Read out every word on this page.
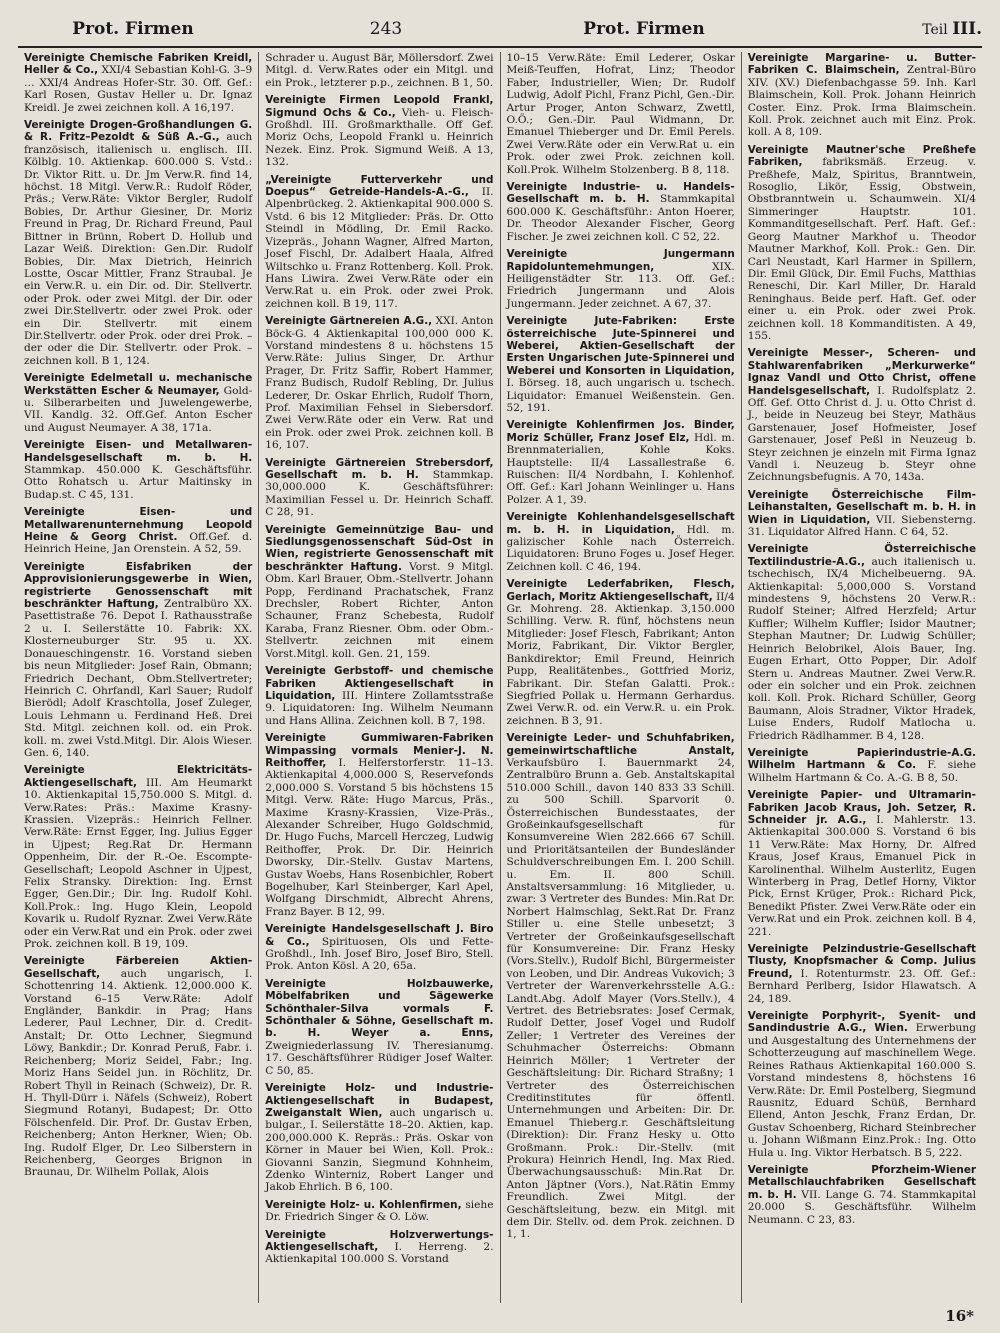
Prot. Firmen	243	Prot. Firmen	Teil III.

Vereinigte Chemische Fabriken Kreidl, Heller & Co., XXI/4 Sebastian Kohl-G. 3–9 … XXI/4 Andreas Hofer-Str. 30. Off. Gef.: Karl Rosen, Gustav Heller u. Dr. Ignaz Kreidl. Je zwei zeichnen koll. A 16,197.

Vereinigte Drogen-Großhandlungen G. & R. Fritz–Pezoldt & Süß A.-G., auch französisch, italienisch u. englisch. III. Kölblg. 10. Aktienkap. 600.000 S. Vstd.: Dr. Viktor Ritt. u. Dr. Jm Verw.R. find 14, höchst. 18 Mitgl. Verw.R.: Rudolf Röder, Präs.; Verw.Räte: Viktor Bergler, Rudolf Bobies, Dr. Arthur Giesiner, Dr. Moriz Freund in Prag, Dr. Richard Freund, Paul Bittner in Brünn, Robert D. Hollub und Lazar Weiß. Direktion: Gen.Dir. Rudolf Bobies, Dir. Max Dietrich, Heinrich Lostte, Oscar Mittler, Franz Straubal. Je ein Verw.R. u. ein Dir. od. Dir. Stellvertr. oder Prok. oder zwei Mitgl. der Dir. oder zwei Dir.Stellvertr. oder zwei Prok. oder ein Dir. Stellvertr. mit einem Dir.Stellvertr. oder Prok. oder drei Prok. – der oder die Dir. Stellvertr. oder Prok. – zeichnen koll. B 1, 124.

Vereinigte Edelmetall u. mechanische Werkstätten Escher & Neumayer, Gold- u. Silberarbeiten und Juwelengewerbe, VII. Kandlg. 32. Off.Gef. Anton Escher und August Neumayer. A 38, 171a.

Vereinigte Eisen- und Metallwaren-Handelsgesellschaft m. b. H. Stammkap. 450.000 K. Geschäftsführ. Otto Rohatsch u. Artur Maitinsky in Budap.st. C 45, 131.

Vereinigte Eisen- und Metallwarenunternehmung Leopold Heine & Georg Christ. Off.Gef. d. Heinrich Heine, Jan Orenstein. A 52, 59.

Vereinigte Eisfabriken der Approvisionierungsgewerbe in Wien, registrierte Genossenschaft mit beschränkter Haftung, Zentralbüro XX. Pasettistraße 76. Depot I. Rathausstraße 2 u. I. Seilerstätte 10. Fabrik: XX. Klosterneuburger Str. 95 u. XX. Donaueschingenstr. 16. Vorstand sieben bis neun Mitglieder: Josef Rain, Obmann; Friedrich Dechant, Obm.Stellvertreter; Heinrich C. Ohrfandl, Karl Sauer; Rudolf Bierödl; Adolf Kraschtolla, Josef Zuleger, Louis Lehmann u. Ferdinand Heß. Drei Std. Mitgl. zeichnen koll. od. ein Prok. koll. m. zwei Vstd.Mitgl. Dir. Alois Wieser. Gen. 6, 140.

Vereinigte Elektricitäts-Aktiengesellschaft, III. Am Heumarkt 10. Aktienkapital 15,750.000 S. Mitgl. d. Verw.Rates: Präs.: Maxime Krasny-Krassien. Vizepräs.: Heinrich Fellner. Verw.Räte: Ernst Egger, Ing. Julius Egger in Ujpest; Reg.Rat Dr. Hermann Oppenheim, Dir. der R.-Oe. Escompte-Gesellschaft; Leopold Aschner in Ujpest, Felix Stransky. Direktion: Ing. Ernst Egger, Gen.Dir.; Dir. Ing. Rudolf Kohl. Koll.Prok.: Ing. Hugo Klein, Leopold Kovarik u. Rudolf Ryznar. Zwei Verw.Räte oder ein Verw.Rat und ein Prok. oder zwei Prok. zeichnen koll. B 19, 109.

Vereinigte Färbereien Aktien-Gesellschaft, auch ungarisch, I. Schottenring 14. Aktienk. 12,000.000 K. Vorstand 6–15 Verw.Räte: Adolf Engländer, Bankdir. in Prag; Hans Lederer, Paul Lechner, Dir. d. Credit-Anstalt; Dr. Otto Lechner, Siegmund Löwy, Bankdir.; Dr. Konrad Peruß, Fabr. i. Reichenberg; Moriz Seidel, Fabr.; Ing. Moriz Hans Seidel jun. in Röchlitz, Dr. Robert Thyll in Reinach (Schweiz), Dr. R. H. Thyll-Dürr i. Näfels (Schweiz), Robert Siegmund Rotanyi, Budapest; Dr. Otto Fölschenfeld. Dir. Prof. Dr. Gustav Erben, Reichenberg; Anton Herkner, Wien; Ob. Ing. Rudolf Elger, Dr. Leo Silberstern in Reichenberg, Georges Brignon in Braunau, Dr. Wilhelm Pollak, Alois

Schrader u. August Bär, Möllersdorf. Zwei Mitgl. d. Verw.Rates oder ein Mitgl. und ein Prok., letzterer p.p., zeichnen. B 1, 50.

Vereinigte Firmen Leopold Frankl, Sigmund Ochs & Co., Vieh- u. Fleisch-Großhdl. III. Großmarkthalle. Off Gef. Moriz Ochs, Leopold Frankl u. Heinrich Nezek. Einz. Prok. Sigmund Weiß. A 13, 132.

„Vereinigte Futterverkehr und Doepus“ Getreide-Handels-A.-G., II. Alpenbrückeg. 2. Aktienkapital 900.000 S. Vstd. 6 bis 12 Mitglieder: Präs. Dr. Otto Steindl in Mödling, Dr. Emil Racko. Vizepräs., Johann Wagner, Alfred Marton, Josef Fischl, Dr. Adalbert Haala, Alfred Wiltschko u. Franz Rottenberg. Koll. Prok. Hans Liwira. Zwei Verw.Räte oder ein Verw.Rat u. ein Prok. oder zwei Prok. zeichnen koll. B 19, 117.

Vereinigte Gärtnereien A.G., XXI. Anton Böck-G. 4 Aktienkapital 100,000 000 K. Vorstand mindestens 8 u. höchstens 15 Verw.Räte: Julius Singer, Dr. Arthur Prager, Dr. Fritz Saffir, Robert Hammer, Franz Budisch, Rudolf Rebling, Dr. Julius Lederer, Dr. Oskar Ehrlich, Rudolf Thorn, Prof. Maximilian Fehsel in Siebersdorf. Zwei Verw.Räte oder ein Verw. Rat und ein Prok. oder zwei Prok. zeichnen koll. B 16, 107.

Vereinigte Gärtnereien Strebersdorf, Gesellschaft m. b. H. Stammkap. 30,000.000 K. Geschäftsführer: Maximilian Fessel u. Dr. Heinrich Schaff. C 28, 91.

Vereinigte Gemeinnützige Bau- und Siedlungsgenossenschaft Süd-Ost in Wien, registrierte Genossenschaft mit beschränkter Haftung. Vorst. 9 Mitgl. Obm. Karl Brauer, Obm.-Stellvertr. Johann Popp, Ferdinand Prachatschek, Franz Drechsler, Robert Richter, Anton Schauner, Franz Schebesta, Rudolf Karaba, Franz Riesner. Obm. oder Obm.-Stellvertr. zeichnen mit einem Vorst.Mitgl. koll. Gen. 21, 159.

Vereinigte Gerbstoff- und chemische Fabriken Aktiengesellschaft in Liquidation, III. Hintere Zollamtsstraße 9. Liquidatoren: Ing. Wilhelm Neumann und Hans Allina. Zeichnen koll. B 7, 198.

Vereinigte Gummiwaren-Fabriken Wimpassing vormals Menier-J. N. Reithoffer, I. Helferstorferstr. 11–13. Aktienkapital 4,000.000 S, Reservefonds 2,000.000 S. Vorstand 5 bis höchstens 15 Mitgl. Verw. Räte: Hugo Marcus, Präs., Maxime Krasny-Krassien, Vize-Präs., Alexander Schreiber, Hugo Goldschmid, Dr. Hugo Fuchs, Marcell Herczeg, Ludwig Reithoffer, Prok. Dr. Dir. Heinrich Dworsky, Dir.-Stellv. Gustav Martens, Gustav Woebs, Hans Rosenbichler, Robert Bogelhuber, Karl Steinberger, Karl Apel, Wolfgang Dirschmidt, Albrecht Ahrens, Franz Bayer. B 12, 99.

Vereinigte Handelsgesellschaft J. Biro & Co., Spirituosen, Ols und Fette-Großhdl., Inh. Josef Biro, Josef Biro, Stell. Prok. Anton Kösl. A 20, 65a.

Vereinigte Holzbauwerke, Möbelfabriken und Sägewerke Schönthaler-Silva vormals F. Schönthaler & Söhne, Gesellschaft m. b. H. Weyer a. Enns, Zweigniederlassung IV. Theresianumg. 17. Geschäftsführer Rüdiger Josef Walter. C 50, 85.

Vereinigte Holz- und Industrie-Aktiengesellschaft in Budapest, Zweiganstalt Wien, auch ungarisch u. bulgar., I. Seilerstätte 18–20. Aktien, kap. 200,000.000 K. Repräs.: Präs. Oskar von Körner in Mauer bei Wien, Koll. Prok.: Giovanni Sanzin, Siegmund Kohnheim, Zdenko Winterniz, Robert Langer und Jakob Ehrlich. B 6, 100.

Vereinigte Holz- u. Kohlenfirmen, siehe Dr. Friedrich Singer & O. Löw.

Vereinigte Holzverwertungs-Aktiengesellschaft, I. Herreng. 2. Aktienkapital 100.000 S. Vorstand

10–15 Verw.Räte: Emil Lederer, Oskar Meiß-Teuffen, Hofrat, Linz; Theodor Faber, Industrieller, Wien; Dr. Rudolf Ludwig, Adolf Pichl, Franz Pichl, Gen.-Dir. Artur Proger, Anton Schwarz, Zwettl, O.Ö.; Gen.-Dir. Paul Widmann, Dr. Emanuel Thieberger und Dr. Emil Perels. Zwei Verw.Räte oder ein Verw.Rat u. ein Prok. oder zwei Prok. zeichnen koll. Koll.Prok. Wilhelm Stolzenberg. B 8, 118.

Vereinigte Industrie- u. Handels-Gesellschaft m. b. H. Stammkapital 600.000 K. Geschäftsführ.: Anton Hoerer, Dr. Theodor Alexander Fischer, Georg Fischer. Je zwei zeichnen koll. C 52, 22.

Vereinigte Jungermann Rapidoluntemehmungen,	XIX. Heiligenstädter Str. 113. Off. Gef.: Friedrich Jungermann und Alois Jungermann. Jeder zeichnet. A 67, 37.

Vereinigte Jute-Fabriken: Erste österreichische Jute-Spinnerei und Weberei, Aktien-Gesellschaft der Ersten Ungarischen Jute-Spinnerei und Weberei und Konsorten in Liquidation, I. Börseg. 18, auch ungarisch u. tschech. Liquidator: Emanuel Weißenstein. Gen. 52, 191.

Vereinigte Kohlenfirmen Jos. Binder, Moriz Schüller, Franz Josef Elz, Hdl. m. Brennmaterialien, Kohle Koks. Hauptstelle: II/4 Lassallestraße 6. Ruischen: II/4 Nordbahn, I. Kohlenhof. Off. Gef.: Karl Johann Weinlinger u. Hans Polzer. A 1, 39.

Vereinigte Kohlenhandelsgesellschaft m. b. H. in Liquidation, Hdl. m. galizischer Kohle nach Österreich. Liquidatoren: Bruno Foges u. Josef Heger. Zeichnen koll. C 46, 194.

Vereinigte Lederfabriken, Flesch, Gerlach, Moritz Aktiengesellschaft, II/4 Gr. Mohreng. 28. Aktienkap. 3,150.000 Schilling. Verw. R. fünf, höchstens neun Mitglieder: Josef Flesch, Fabrikant; Anton Moriz, Fabrikant, Dir. Viktor Bergler, Bankdirektor; Emil Freund, Heinrich Pupp, Realitätenbes., Gottfried Moriz, Fabrikant. Dir. Stefan Galatti. Prok.: Siegfried Pollak u. Hermann Gerhardus. Zwei Verw.R. od. ein Verw.R. u. ein Prok. zeichnen. B 3, 91.

Vereinigte Leder- und Schuhfabriken, gemeinwirtschaftliche Anstalt, Verkaufsbüro I. Bauernmarkt 24, Zentralbüro Brunn a. Geb. Anstaltskapital 510.000 Schill., davon 140 833 33 Schill. zu 500 Schill. Sparvorit 0. Österreichischen Bundesstaates, der Großeinkaufsgesellschaft für Konsumvereine Wien 282.666 67 Schill. und Prioritätsanteilen der Bundesländer Schuldverschreibungen Em. I. 200 Schill. u. Em. II. 800 Schill. Anstaltsversammlung: 16 Mitglieder, u. zwar: 3 Vertreter des Bundes: Min.Rat Dr. Norbert Halmschlag, Sekt.Rat Dr. Franz Stiller u. eine Stelle unbesetzt; 3 Vertreter der Großeinkaufsgesellschaft für Konsumvereine: Dir. Franz Hesky (Vors.Stellv.), Rudolf Bichl, Bürgermeister von Leoben, und Dir. Andreas Vukovich; 3 Vertreter der Warenverkehrsstelle A.G.: Landt.Abg. Adolf Mayer (Vors.Stellv.), 4 Vertret. des Betriebsrates: Josef Cermak, Rudolf Detter, Josef Vogel und Rudolf Zeller; 1 Vertreter des Vereines der Schuhmacher Österreichs: Obmann Heinrich Möller; 1 Vertreter der Geschäftsleitung: Dir. Richard Straßny; 1 Vertreter des Österreichischen Creditinstitutes für öffentl. Unternehmungen und Arbeiten: Dir. Dr. Emanuel Thieberg.r. Geschäftsleitung (Direktion): Dir. Franz Hesky u. Otto Großmann. Prok.: Dir.-Stellv. (mit Prokura) Heinrich Hendl, Ing. Max Ried. Überwachungsausschuß: Min.Rat Dr. Anton Jäptner (Vors.), Nat.Rätin Emmy Freundlich. Zwei Mitgl. der Geschäftsleitung, bezw. ein Mitgl. mit dem Dir. Stellv. od. dem Prok. zeichnen. D 1, 1.

Vereinigte Margarine- u. Butter-Fabriken C. Blaimschein, Zentral-Büro XIV. (XV.) Diefenbachgasse 59. Inh. Karl Blaimschein, Koll. Prok. Johann Heinrich Coster. Einz. Prok. Irma Blaimschein. Koll. Prok. zeichnet auch mit Einz. Prok. koll. A 8, 109.

Vereinigte Mautner'sche Preßhefe Fabriken, fabriksmäß. Erzeug. v. Preßhefe, Malz, Spiritus, Branntwein, Rosoglio, Likör, Essig, Obstwein, Obstbranntwein u. Schaumwein. XI/4 Simmeringer Hauptstr. 101. Kommanditgesellschaft. Perf. Haft. Gef.: Georg Mautner Markhof u. Theodor Mautner Markhof, Koll. Prok.: Gen. Dir. Carl Neustadt, Karl Harmer in Spillern, Dir. Emil Glück, Dir. Emil Fuchs, Matthias Reneschi, Dir. Karl Miller, Dr. Harald Reninghaus. Beide perf. Haft. Gef. oder einer u. ein Prok. oder zwei Prok. zeichnen koll. 18 Kommanditisten. A 49, 155.

Vereinigte Messer-, Scheren- und Stahlwarenfabriken „Merkurwerke“ Ignaz Vandl und Otto Christ, offene Handelsgesellschaft, I. Rudolfsplatz 2. Off. Gef. Otto Christ d. J. u. Otto Christ d. J., beide in Neuzeug bei Steyr, Mathäus Garstenauer, Josef Hofmeister, Josef Garstenauer, Josef Peßl in Neuzeug b. Steyr zeichnen je einzeln mit Firma Ignaz Vandl i. Neuzeug b. Steyr ohne Zeichnungsbefugnis. A 70, 143a.

Vereinigte Österreichische Film-Leihanstalten, Gesellschaft m. b. H. in Wien in Liquidation, VII. Siebensterng. 31. Liquidator Alfred Hann. C 64, 52.

Vereinigte Österreichische Textilindustrie-A.G., auch italienisch u. tschechisch, IX/4 Michelbeuerng. 9A. Aktienkapital: 5,000,000 S. Vorstand mindestens 9, höchstens 20 Verw.R.: Rudolf Steiner; Alfred Herzfeld; Artur Kuffler; Wilhelm Kuffler; Isidor Mautner; Stephan Mautner; Dr. Ludwig Schüller; Heinrich Belobrikel, Alois Bauer, Ing. Eugen Erhart, Otto Popper, Dir. Adolf Stern u. Andreas Mautner. Zwei Verw.R. oder ein solcher und ein Prok. zeichnen koll. Koll. Prok. Richard Schüller, Georg Baumann, Alois Stradner, Viktor Hradek, Luise Enders, Rudolf Matlocha u. Friedrich Rädlhammer. B 4, 128.

Vereinigte Papierindustrie-A.G. Wilhelm Hartmann & Co. F. siehe Wilhelm Hartmann & Co. A.-G. B 8, 50.

Vereinigte Papier- und Ultramarin-Fabriken Jacob Kraus, Joh. Setzer, R. Schneider jr. A.G., I. Mahlerstr. 13. Aktienkapital 300.000 S. Vorstand 6 bis 11 Verw.Räte: Max Horny, Dr. Alfred Kraus, Josef Kraus, Emanuel Pick in Karolinenthal. Wilhelm Austerlitz, Eugen Winterberg in Prag, Detlef Horny, Viktor Pick, Ernst Krüger, Prok.: Richard Pick, Benedikt Pfister. Zwei Verw.Räte oder ein Verw.Rat und ein Prok. zeichnen koll. B 4, 221.

Vereinigte Pelzindustrie-Gesellschaft Tlusty, Knopfsmacher & Comp. Julius Freund, I. Rotenturmstr. 23. Off. Gef.: Bernhard Perlberg, Isidor Hlawatsch. A 24, 189.

Vereinigte Porphyrit-, Syenit- und Sandindustrie A.G., Wien. Erwerbung und Ausgestaltung des Unternehmens der Schotterzeugung auf maschinellem Wege. Reines Rathaus Aktienkapital 160.000 S. Vorstand mindestens 8, höchstens 16 Verw.Räte: Dr. Emil Postelberg, Siegmund Rausnitz, Eduard Schüß, Bernhard Ellend, Anton Jeschk, Franz Erdan, Dr. Gustav Schoenberg, Richard Steinbrecher u. Johann Wißmann Einz.Prok.: Ing. Otto Hula u. Ing. Viktor Herbatsch. B 5, 222.

Vereinigte Pforzheim-Wiener Metallschlauchfabriken Gesellschaft m. b. H. VII. Lange G. 74. Stammkapital 20.000 S. Geschäftsführ. Wilhelm Neumann. C 23, 83.

16*
